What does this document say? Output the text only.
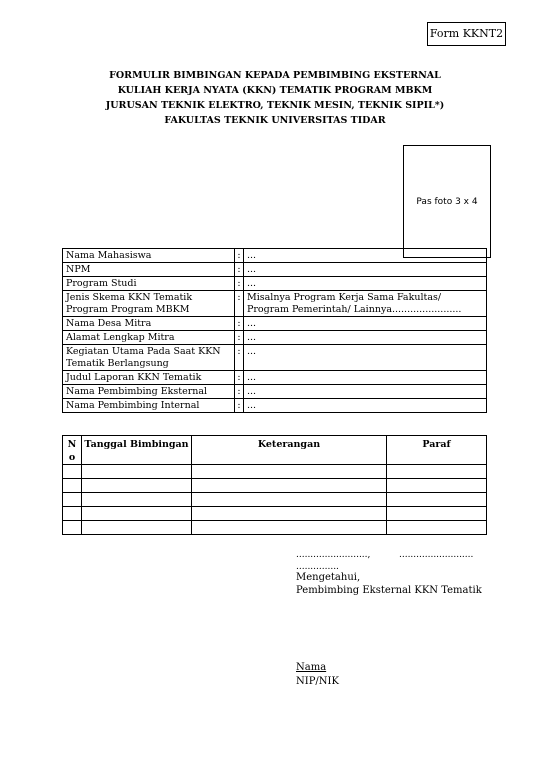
Form KKNT2
FORMULIR BIMBINGAN KEPADA PEMBIMBING EKSTERNAL
KULIAH KERJA NYATA (KKN) TEMATIK PROGRAM MBKM
JURUSAN TEKNIK ELEKTRO, TEKNIK MESIN, TEKNIK SIPIL*)
FAKULTAS TEKNIK UNIVERSITAS TIDAR
Pas foto 3 x 4
Nama Mahasiswa	:	...
NPM	:	...
Program Studi	:	...
Jenis Skema KKN Tematik Program Program MBKM	:	Misalnya Program Kerja Sama Fakultas/ Program Pemerintah/ Lainnya.......................
Nama Desa Mitra	:	...
Alamat Lengkap Mitra	:	...
Kegiatan Utama Pada Saat KKN Tematik Berlangsung	:	...
Judul Laporan KKN Tematik	:	...
Nama Pembimbing Eksternal	:	...
Nama Pembimbing Internal	:	...
No	Tanggal Bimbingan	Keterangan	Paraf

.........................,          ..........................
...............
Mengetahui,
Pembimbing Eksternal KKN Tematik
Nama
NIP/NIK
